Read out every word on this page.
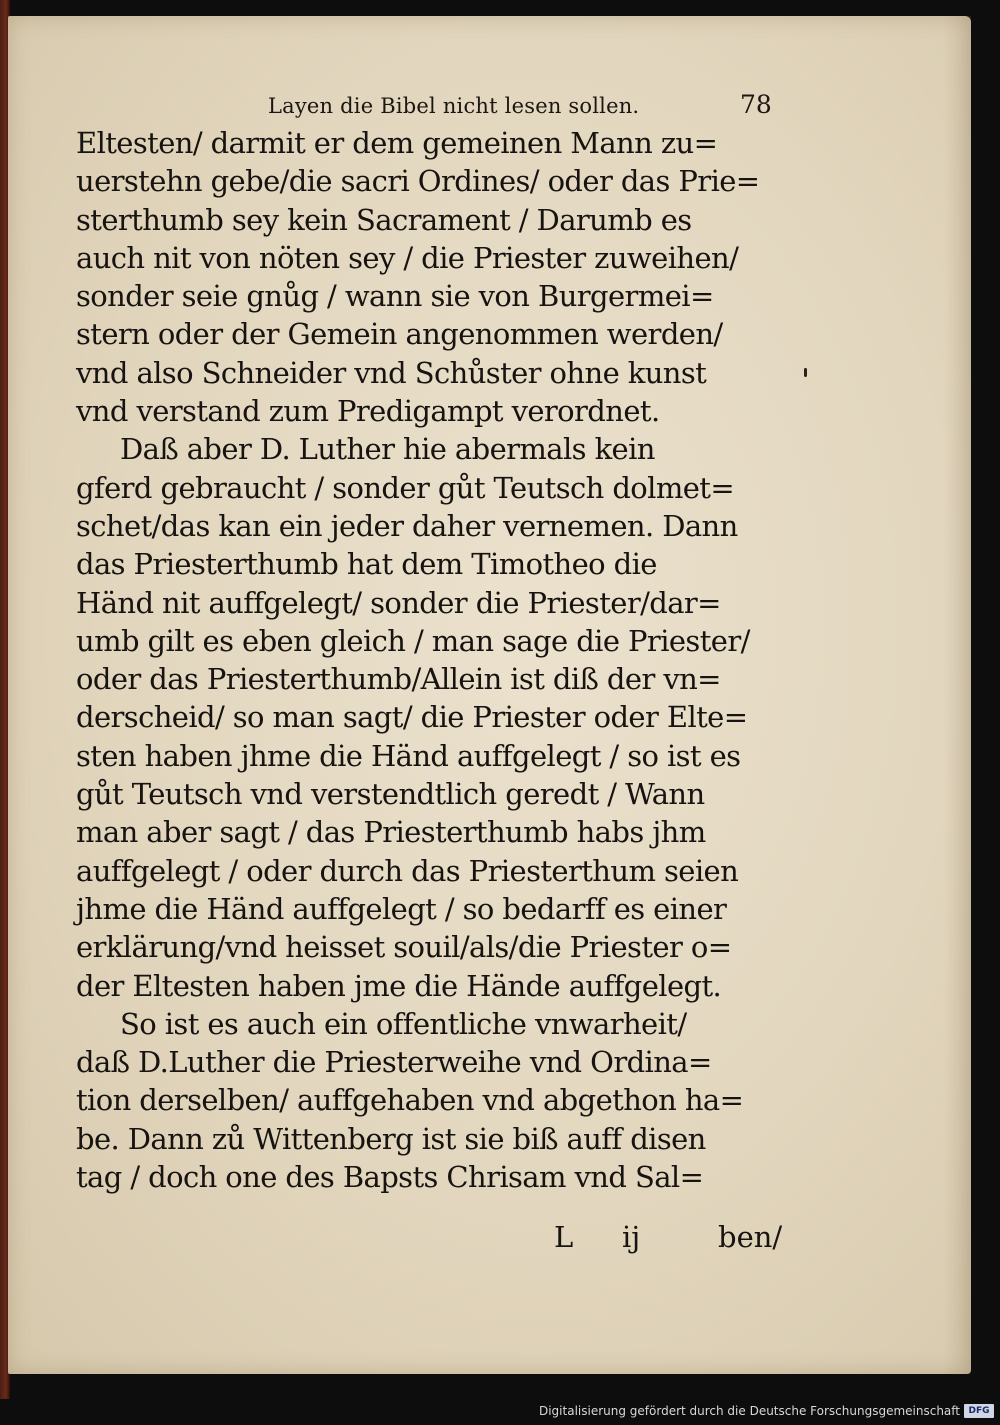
Layen die Bibel nicht lesen sollen.	78
Eltesten/ darmit er dem gemeinen Mann zu=
uerstehn gebe/die sacri Ordines/ oder das Prie=
sterthumb sey kein Sacrament / Darumb es
auch nit von nöten sey / die Priester zuweihen/
sonder seie gnůg / wann sie von Burgermei=
stern oder der Gemein angenommen werden/
vnd also Schneider vnd Schůster ohne kunst
vnd verstand zum Predigampt verordnet.
Daß aber D. Luther hie abermals kein
gferd gebraucht / sonder gůt Teutsch dolmet=
schet/das kan ein jeder daher vernemen. Dann
das Priesterthumb hat dem Timotheo die
Händ nit auffgelegt/ sonder die Priester/dar=
umb gilt es eben gleich / man sage die Priester/
oder das Priesterthumb/Allein ist diß der vn=
derscheid/ so man sagt/ die Priester oder Elte=
sten haben jhme die Händ auffgelegt / so ist es
gůt Teutsch vnd verstendtlich geredt / Wann
man aber sagt / das Priesterthumb habs jhm
auffgelegt / oder durch das Priesterthum seien
jhme die Händ auffgelegt / so bedarff es einer
erklärung/vnd heisset souil/als/die Priester o=
der Eltesten haben jme die Hände auffgelegt.
So ist es auch ein offentliche vnwarheit/
daß D.Luther die Priesterweihe vnd Ordina=
tion derselben/ auffgehaben vnd abgethon ha=
be. Dann zů Wittenberg ist sie biß auff disen
tag / doch one des Bapsts Chrisam vnd Sal=
L ij	ben/
Digitalisierung gefördert durch die Deutsche Forschungsgemeinschaft DFG
